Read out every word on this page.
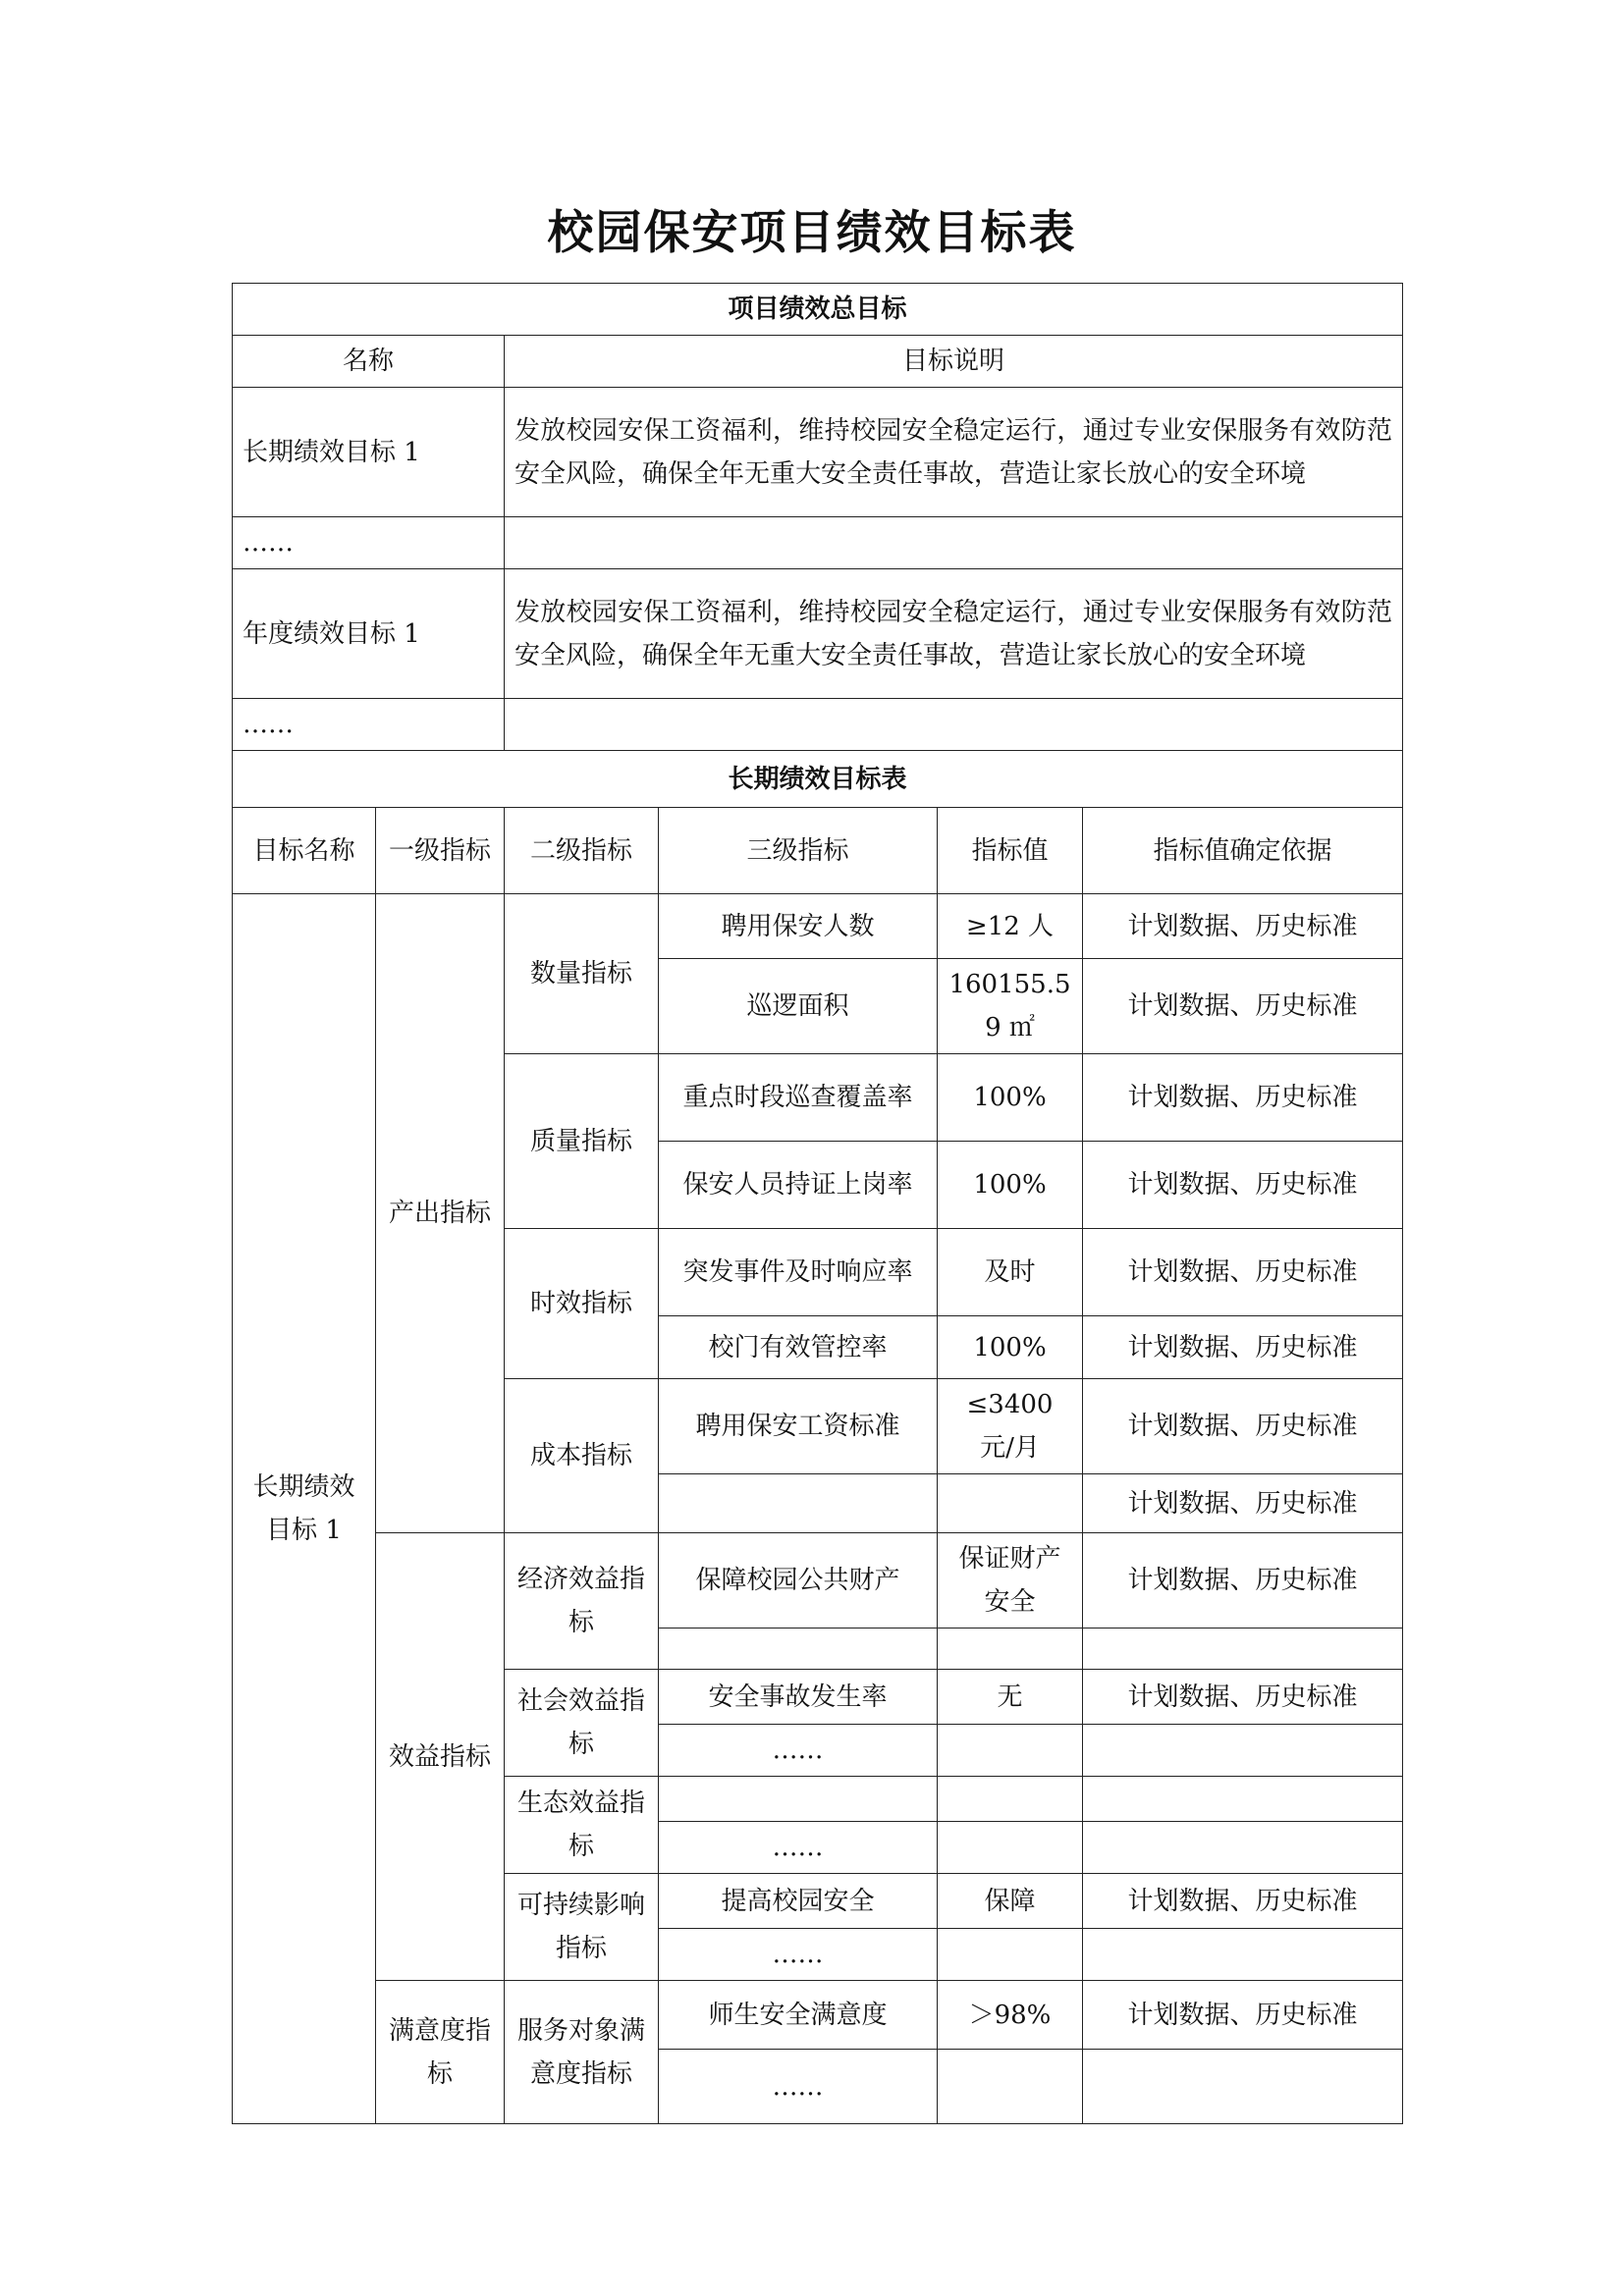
校园保安项目绩效目标表
项目绩效总目标					
名称		目标说明			
长期绩效目标 1		发放校园安保工资福利，维持校园安全稳定运行，通过专业安保服务有效防范安全风险，确保全年无重大安全责任事故，营造让家长放心的安全环境			
……					
年度绩效目标 1		发放校园安保工资福利，维持校园安全稳定运行，通过专业安保服务有效防范安全风险，确保全年无重大安全责任事故，营造让家长放心的安全环境			
……					
长期绩效目标表					
目标名称	一级指标	二级指标	三级指标	指标值	指标值确定依据
长期绩效目标 1	产出指标	数量指标	聘用保安人数	≥12 人	计划数据、历史标准
			巡逻面积	160155.59 ㎡	计划数据、历史标准
		质量指标	重点时段巡查覆盖率	100%	计划数据、历史标准
			保安人员持证上岗率	100%	计划数据、历史标准
		时效指标	突发事件及时响应率	及时	计划数据、历史标准
			校门有效管控率	100%	计划数据、历史标准
		成本指标	聘用保安工资标准	≤3400 元/月	计划数据、历史标准
					计划数据、历史标准
	效益指标	经济效益指标	保障校园公共财产	保证财产安全	计划数据、历史标准

		社会效益指标	安全事故发生率	无	计划数据、历史标准
			……		
		生态效益指标			
			……		
		可持续影响指标	提高校园安全	保障	计划数据、历史标准
			……		
	满意度指标	服务对象满意度指标	师生安全满意度	＞98%	计划数据、历史标准
			……		
